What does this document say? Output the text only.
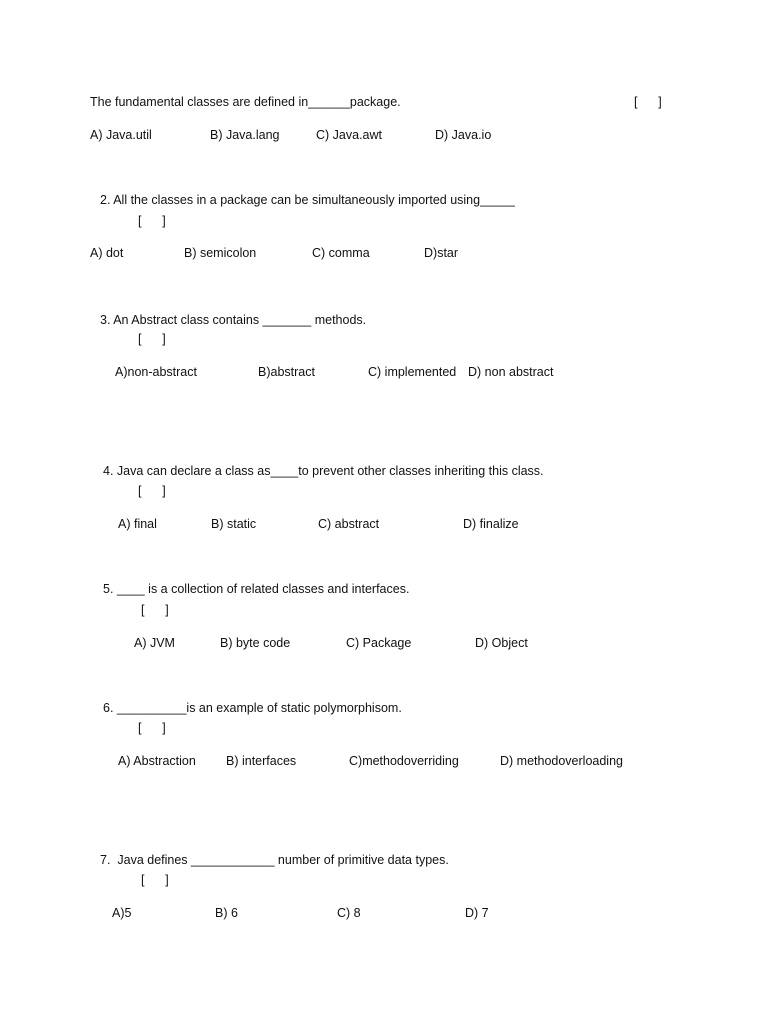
The fundamental classes are defined in______package.	[      ]
A) Java.util	B) Java.lang	C) Java.awt	D) Java.io
2. All the classes in a package can be simultaneously imported using_____
[      ]
A) dot	B) semicolon	C) comma	D)star
3. An Abstract class contains _______ methods.
[      ]
A)non-abstract	B)abstract	C) implemented D) non abstract
4. Java can declare a class as____to prevent other classes inheriting this class.
[      ]
A) final	B) static	C) abstract	D) finalize
5. ____ is a collection of related classes and interfaces.
[      ]
A) JVM	B) byte code	C) Package	D) Object
6. __________is an example of static polymorphisom.
[      ]
A) Abstraction B) interfaces	C)methodoverriding	D) methodoverloading
7.  Java defines ____________ number of primitive data types.
[      ]
A)5	B) 6	C) 8	D) 7
